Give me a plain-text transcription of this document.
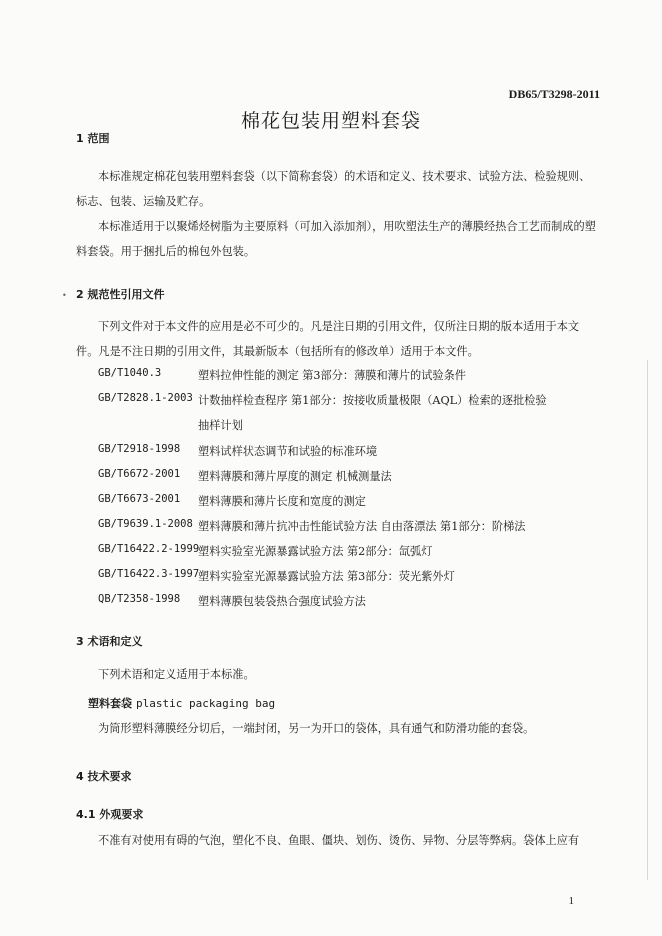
DB65/T3298-2011
棉花包装用塑料套袋
1 范围

本标准规定棉花包装用塑料套袋（以下简称套袋）的术语和定义、技术要求、试验方法、检验规则、标志、包装、运输及贮存。

本标准适用于以聚烯烃树脂为主要原料（可加入添加剂），用吹塑法生产的薄膜经热合工艺而制成的塑料套袋。用于捆扎后的棉包外包装。

• 2 规范性引用文件

下列文件对于本文件的应用是必不可少的。凡是注日期的引用文件，仅所注日期的版本适用于本文件。凡是不注日期的引用文件，其最新版本（包括所有的修改单）适用于本文件。

GB/T1040.3	塑料拉伸性能的测定 第3部分：薄膜和薄片的试验条件
GB/T2828.1-2003 计数抽样检查程序 第1部分：按接收质量极限（AQL）检索的逐批检验
抽样计划
GB/T2918-1998 塑料试样状态调节和试验的标准环境
GB/T6672-2001 塑料薄膜和薄片厚度的测定 机械测量法
GB/T6673-2001 塑料薄膜和薄片长度和宽度的测定
GB/T9639.1-2008 塑料薄膜和薄片抗冲击性能试验方法 自由落漂法 第1部分：阶梯法
GB/T16422.2-1999
塑料实验室光源暴露试验方法 第2部分：氙弧灯
GB/T16422.3-1997
塑料实验室光源暴露试验方法 第3部分：荧光紫外灯
QB/T2358-1998 塑料薄膜包装袋热合强度试验方法
3 术语和定义

下列术语和定义适用于本标准。

塑料套袋 plastic packaging bag

为筒形塑料薄膜经分切后，一端封闭，另一为开口的袋体，具有通气和防滑功能的套袋。

4 技术要求
4.1 外观要求

不准有对使用有碍的气泡，塑化不良、鱼眼、僵块、划伤、烫伤、异物、分层等弊病。袋体上应有

1
